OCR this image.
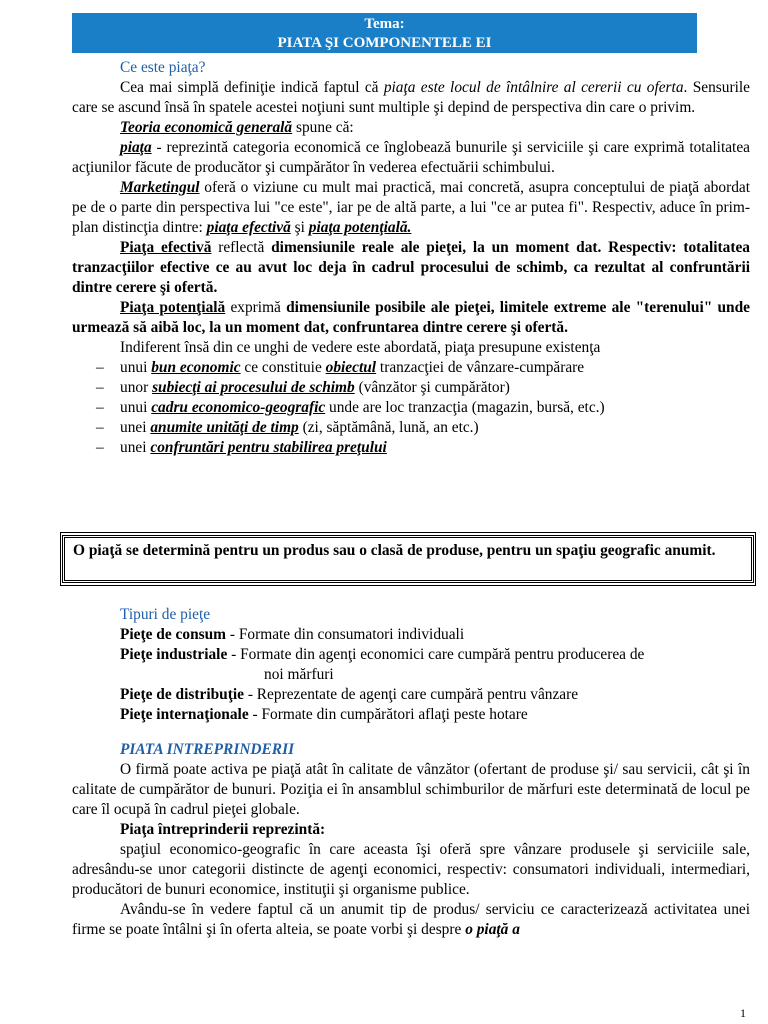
Tema:
PIATA ŞI COMPONENTELE EI

Ce este piaţa?

Cea mai simplă definiţie indică faptul că piaţa este locul de întâlnire al cererii cu oferta. Sensurile care se ascund însă în spatele acestei noţiuni sunt multiple şi depind de perspectiva din care o privim.

Teoria economică generală spune că:

piaţa - reprezintă categoria economică ce înglobează bunurile şi serviciile şi care exprimă totalitatea acţiunilor făcute de producător şi cumpărător în vederea efectuării schimbului.

Marketingul oferă o viziune cu mult mai practică, mai concretă, asupra conceptului de piaţă abordat pe de o parte din perspectiva lui "ce este", iar pe de altă parte, a lui "ce ar putea fi". Respectiv, aduce în prim-plan distincţia dintre: piaţa efectivă şi piaţa potenţială.

Piaţa efectivă reflectă dimensiunile reale ale pieţei, la un moment dat. Respectiv: totalitatea tranzacţiilor efective ce au avut loc deja în cadrul procesului de schimb, ca rezultat al confruntării dintre cerere şi ofertă.

Piaţa potenţială exprimă dimensiunile posibile ale pieţei, limitele extreme ale "terenului" unde urmează să aibă loc, la un moment dat, confruntarea dintre cerere şi ofertă.

Indiferent însă din ce unghi de vedere este abordată, piaţa presupune existenţa

– unui bun economic ce constituie obiectul tranzacţiei de vânzare-cumpărare
– unor subiecţi ai procesului de schimb (vânzător şi cumpărător)
– unui cadru economico-geografic unde are loc tranzacţia (magazin, bursă, etc.)
– unei anumite unităţi de timp (zi, săptămână, lună, an etc.)
– unei confruntări pentru stabilirea preţului
O piaţă se determină pentru un produs sau o clasă de produse, pentru un spaţiu geografic anumit.

Tipuri de pieţe

Pieţe de consum - Formate din consumatori individuali

Pieţe industriale - Formate din agenţi economici care cumpără pentru producerea de

noi mărfuri

Pieţe de distribuţie - Reprezentate de agenţi care cumpără pentru vânzare

Pieţe internaţionale - Formate din cumpărători aflaţi peste hotare

PIATA INTREPRINDERII

O firmă poate activa pe piaţă atât în calitate de vânzător (ofertant de produse şi/ sau servicii, cât şi în calitate de cumpărător de bunuri. Poziţia ei în ansamblul schimburilor de mărfuri este determinată de locul pe care îl ocupă în cadrul pieţei globale.

Piaţa întreprinderii reprezintă:

spaţiul economico-geografic în care aceasta îşi oferă spre vânzare produsele şi serviciile sale, adresându-se unor categorii distincte de agenţi economici, respectiv: consumatori individuali, intermediari, producători de bunuri economice, instituţii şi organisme publice.

Avându-se în vedere faptul că un anumit tip de produs/ serviciu ce caracterizează activitatea unei firme se poate întâlni şi în oferta alteia, se poate vorbi şi despre o piaţă a

1
